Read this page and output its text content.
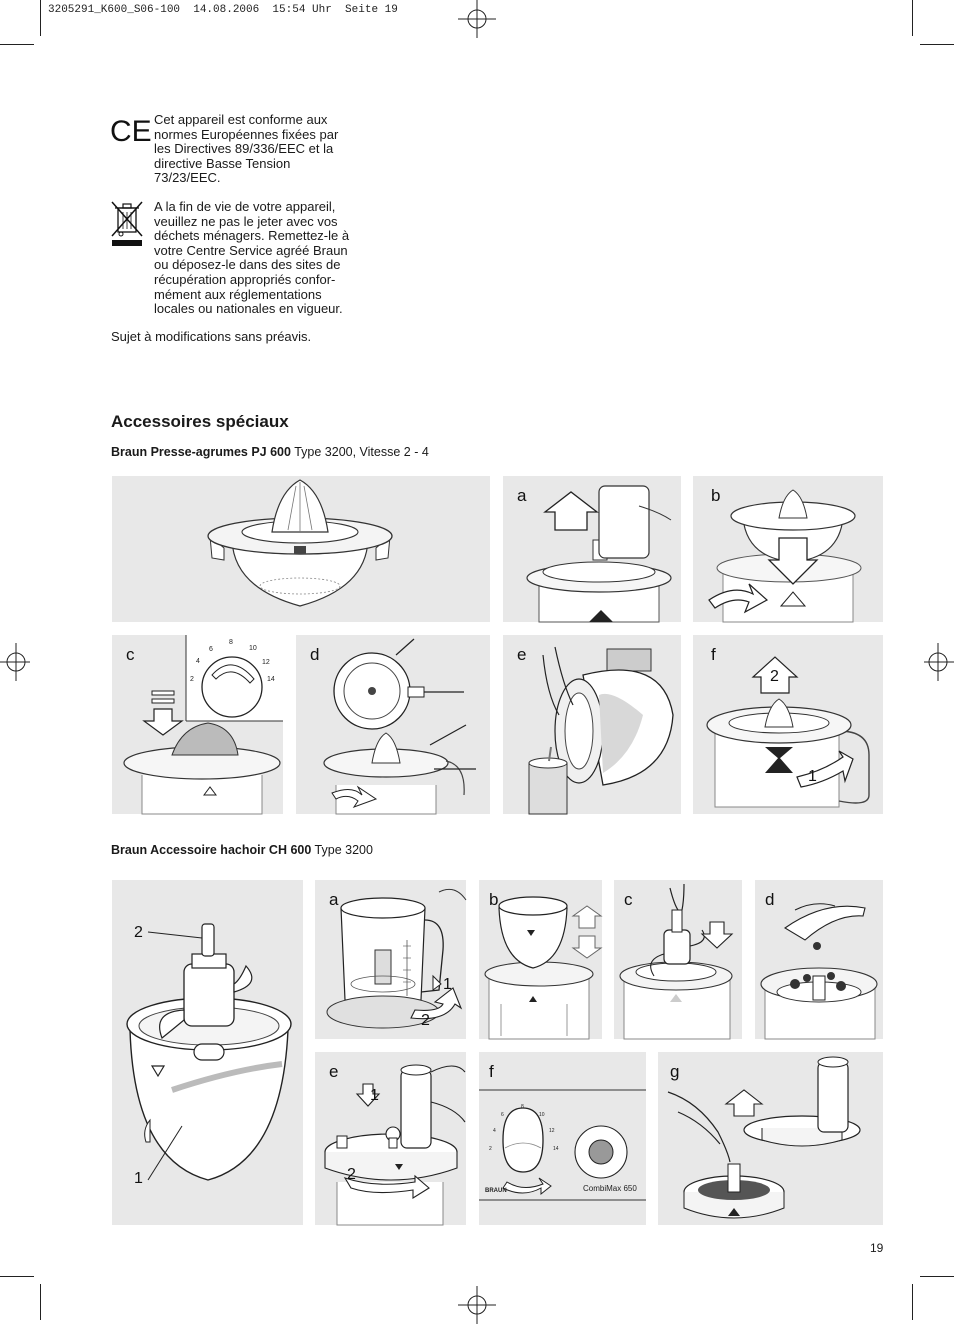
3205291_K600_S06-100  14.08.2006  15:54 Uhr  Seite 19
CE Cet appareil est conforme aux
normes Européennes fixées par
les Directives 89/336/EEC et la
directive Basse Tension
73/23/EEC.
A la fin de vie de votre appareil,
veuillez ne pas le jeter avec vos
déchets ménagers. Remettez-le à
votre Centre Service agréé Braun
ou déposez-le dans des sites de
récupération appropriés confor-
mément aux réglementations
locales ou nationales en vigueur.
Sujet à modifications sans préavis.
Accessoires spéciaux
Braun Presse-agrumes PJ 600 Type 3200, Vitesse 2 - 4
a	b
2
4
6
8
10
12
14
c	d	e	f
2
1
Braun Accessoire hachoir CH 600 Type 3200
2
1
a
1
2
b	c	d
e
1
2
2
4
6
8
10
12
14
BRAUN	CombiMax 650
f	g
19
